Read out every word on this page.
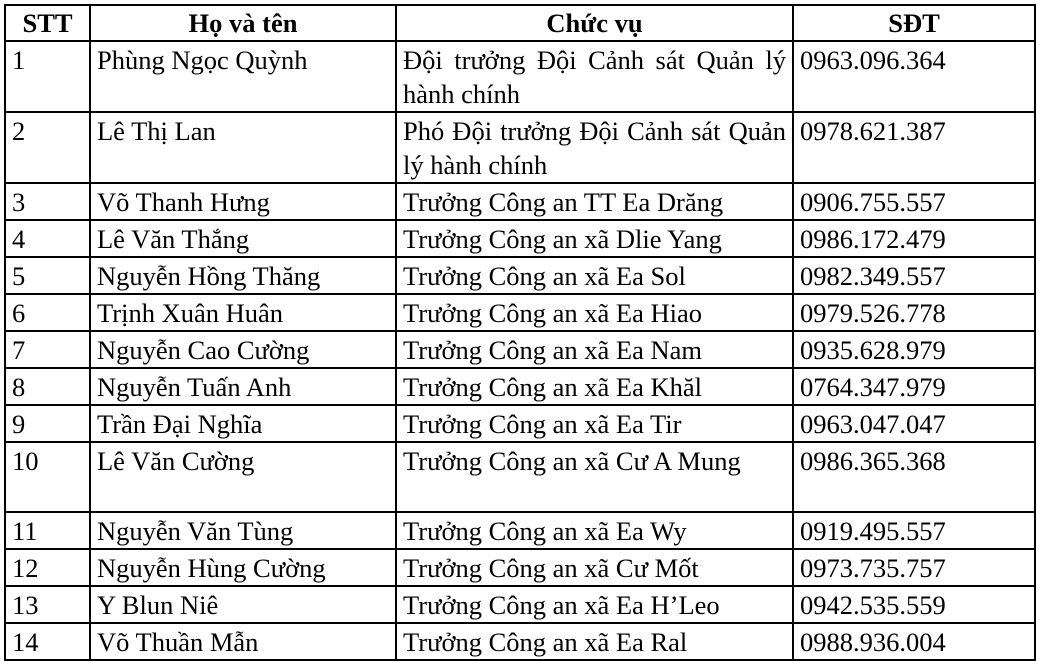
STT	Họ và tên	Chức vụ	SĐT
1	Phùng Ngọc Quỳnh	Đội trưởng Đội Cảnh sát Quản lý hành chính	0963.096.364
2	Lê Thị Lan	Phó Đội trưởng Đội Cảnh sát Quản lý hành chính	0978.621.387
3	Võ Thanh Hưng	Trưởng Công an TT Ea Drăng	0906.755.557
4	Lê Văn Thắng	Trưởng Công an xã Dlie Yang	0986.172.479
5	Nguyễn Hồng Thăng	Trưởng Công an xã Ea Sol	0982.349.557
6	Trịnh Xuân Huân	Trưởng Công an xã Ea Hiao	0979.526.778
7	Nguyễn Cao Cường	Trưởng Công an xã Ea Nam	0935.628.979
8	Nguyễn Tuấn Anh	Trưởng Công an xã Ea Khăl	0764.347.979
9	Trần Đại Nghĩa	Trưởng Công an xã Ea Tir	0963.047.047
10	Lê Văn Cường	Trưởng Công an xã Cư A Mung	0986.365.368
11	Nguyễn Văn Tùng	Trưởng Công an xã Ea Wy	0919.495.557
12	Nguyễn Hùng Cường	Trưởng Công an xã Cư Mốt	0973.735.757
13	Y Blun Niê	Trưởng Công an xã Ea H’Leo	0942.535.559
14	Võ Thuần Mẫn	Trưởng Công an xã Ea Ral	0988.936.004
